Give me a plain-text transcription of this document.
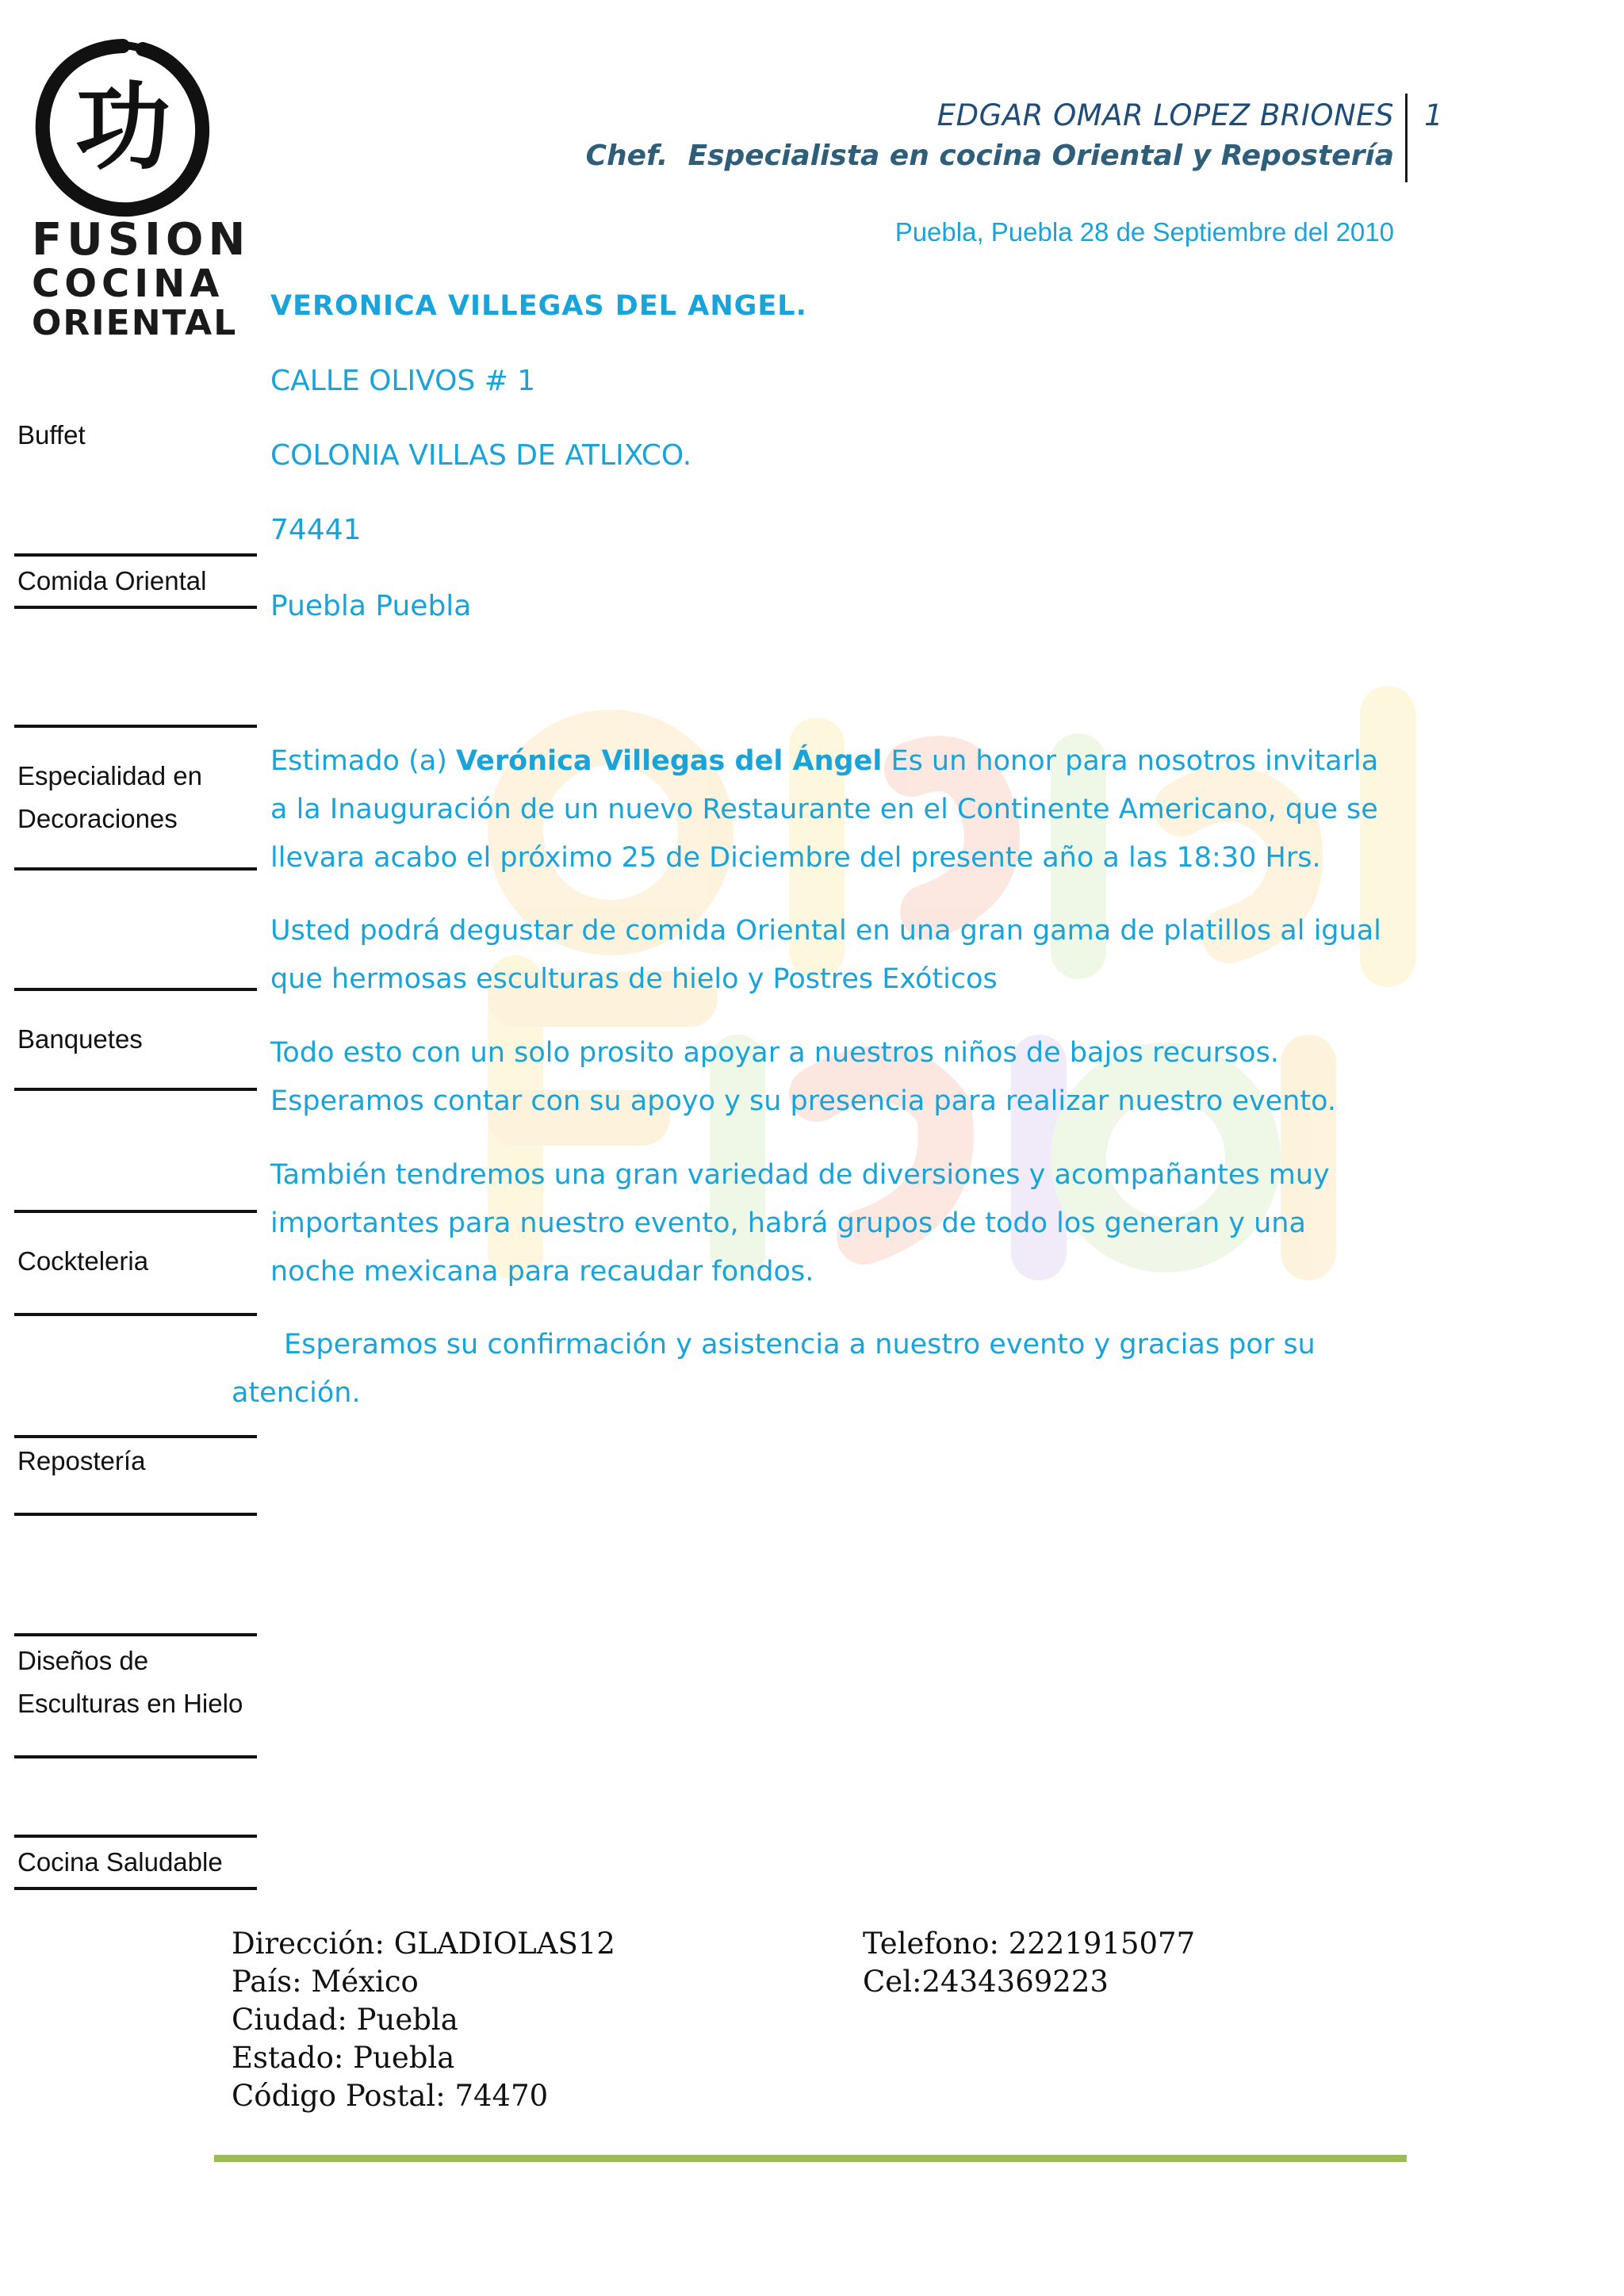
功
FUSION
COCINA
ORIENTAL
EDGAR OMAR LOPEZ BRIONES
Chef.  Especialista en cocina Oriental y Repostería
1
Puebla, Puebla 28 de Septiembre del 2010
VERONICA VILLEGAS DEL ANGEL.
CALLE OLIVOS # 1
COLONIA VILLAS DE ATLIXCO.
74441
Puebla Puebla
Buffet
Comida Oriental
Especialidad en Decoraciones
Banquetes
Cockteleria
Repostería
Diseños de Esculturas en Hielo
Cocina Saludable
Estimado (a) Verónica Villegas del Ángel Es un honor para nosotros invitarla a la Inauguración de un nuevo Restaurante en el Continente Americano, que se llevara acabo el próximo 25 de Diciembre del presente año a las 18:30 Hrs.
Usted podrá degustar de comida Oriental en una gran gama de platillos al igual que hermosas esculturas de hielo y Postres Exóticos
Todo esto con un solo prosito apoyar a nuestros niños de bajos recursos. Esperamos contar con su apoyo y su presencia para realizar nuestro evento.
También tendremos una gran variedad de diversiones y acompañantes muy importantes para nuestro evento, habrá grupos de todo los generan y una noche mexicana para recaudar fondos.
Esperamos su confirmación y asistencia a nuestro evento y gracias por su
atención.
Dirección: GLADIOLAS12
País: México
Ciudad: Puebla
Estado: Puebla
Código Postal: 74470
Telefono: 2221915077
Cel:2434369223
